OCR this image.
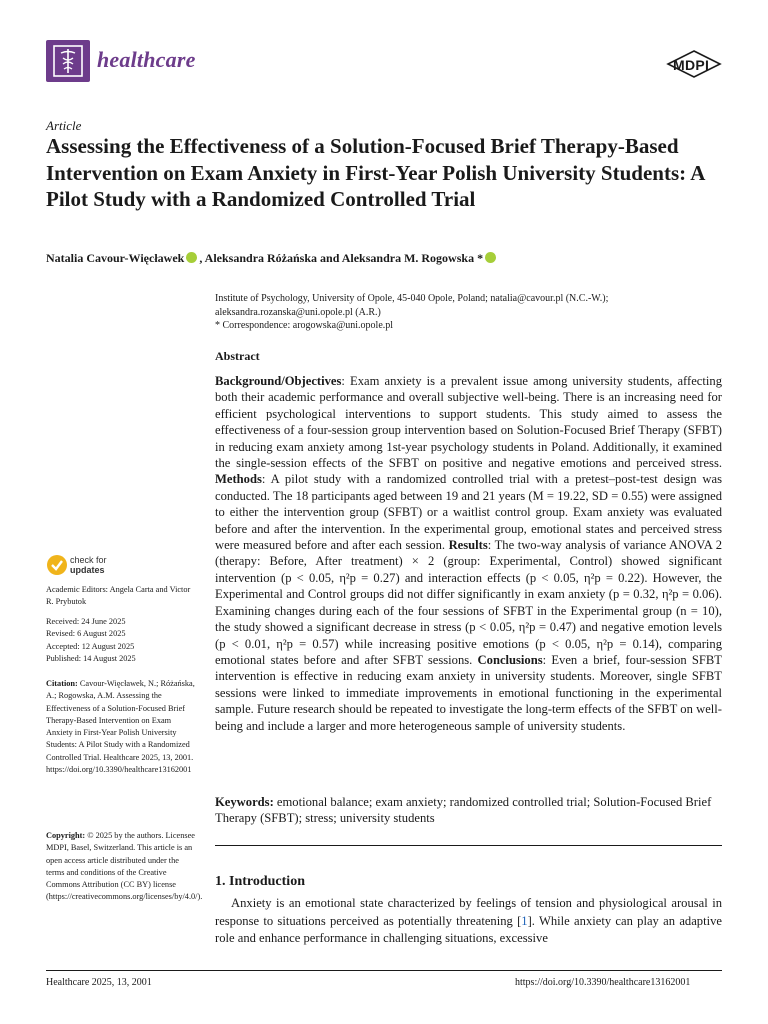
healthcare	MDPI
Article
Assessing the Effectiveness of a Solution-Focused Brief Therapy-Based Intervention on Exam Anxiety in First-Year Polish University Students: A Pilot Study with a Randomized Controlled Trial
Natalia Cavour-Więcławek , Aleksandra Różańska and Aleksandra M. Rogowska *
Institute of Psychology, University of Opole, 45-040 Opole, Poland; natalia@cavour.pl (N.C.-W.);
aleksandra.rozanska@uni.opole.pl (A.R.)
* Correspondence: arogowska@uni.opole.pl
Abstract

Background/Objectives: Exam anxiety is a prevalent issue among university students, affecting both their academic performance and overall subjective well-being. There is an increasing need for efficient psychological interventions to support students. This study aimed to assess the effectiveness of a four-session group intervention based on Solution-Focused Brief Therapy (SFBT) in reducing exam anxiety among 1st-year psychology students in Poland. Additionally, it examined the single-session effects of the SFBT on positive and negative emotions and perceived stress. Methods: A pilot study with a randomized controlled trial with a pretest–post-test design was conducted. The 18 participants aged between 19 and 21 years (M = 19.22, SD = 0.55) were assigned to either the intervention group (SFBT) or a waitlist control group. Exam anxiety was evaluated before and after the intervention. In the experimental group, emotional states and perceived stress were measured before and after each session. Results: The two-way analysis of variance ANOVA 2 (therapy: Before, After treatment) × 2 (group: Experimental, Control) showed significant intervention (p < 0.05, η²p = 0.27) and interaction effects (p < 0.05, η²p = 0.22). However, the Experimental and Control groups did not differ significantly in exam anxiety (p = 0.32, η²p = 0.06). Examining changes during each of the four sessions of SFBT in the Experimental group (n = 10), the study showed a significant decrease in stress (p < 0.05, η²p = 0.47) and negative emotion levels (p < 0.01, η²p = 0.57) while increasing positive emotions (p < 0.05, η²p = 0.14), comparing emotional states before and after SFBT sessions. Conclusions: Even a brief, four-session SFBT intervention is effective in reducing exam anxiety in university students. Moreover, single SFBT sessions were linked to immediate improvements in emotional functioning in the experimental sample. Future research should be repeated to investigate the long-term effects of the SFBT on well-being and include a larger and more heterogeneous sample of university students.

Keywords: emotional balance; exam anxiety; randomized controlled trial; Solution-Focused Brief Therapy (SFBT); stress; university students
1. Introduction
Anxiety is an emotional state characterized by feelings of tension and physiological arousal in response to situations perceived as potentially threatening [1]. While anxiety can play an adaptive role and enhance performance in challenging situations, excessive
check for
updates
Academic Editors: Angela Carta and Victor R. Prybutok

Received: 24 June 2025

Revised: 6 August 2025

Accepted: 12 August 2025

Published: 14 August 2025

Citation: Cavour-Więcławek, N.; Różańska, A.; Rogowska, A.M. Assessing the Effectiveness of a Solution-Focused Brief Therapy-Based Intervention on Exam Anxiety in First-Year Polish University Students: A Pilot Study with a Randomized Controlled Trial. Healthcare 2025, 13, 2001. https://doi.org/10.3390/healthcare13162001
Copyright: © 2025 by the authors. Licensee MDPI, Basel, Switzerland. This article is an open access article distributed under the terms and conditions of the Creative Commons Attribution (CC BY) license (https://creativecommons.org/licenses/by/4.0/).
Healthcare 2025, 13, 2001	https://doi.org/10.3390/healthcare13162001
